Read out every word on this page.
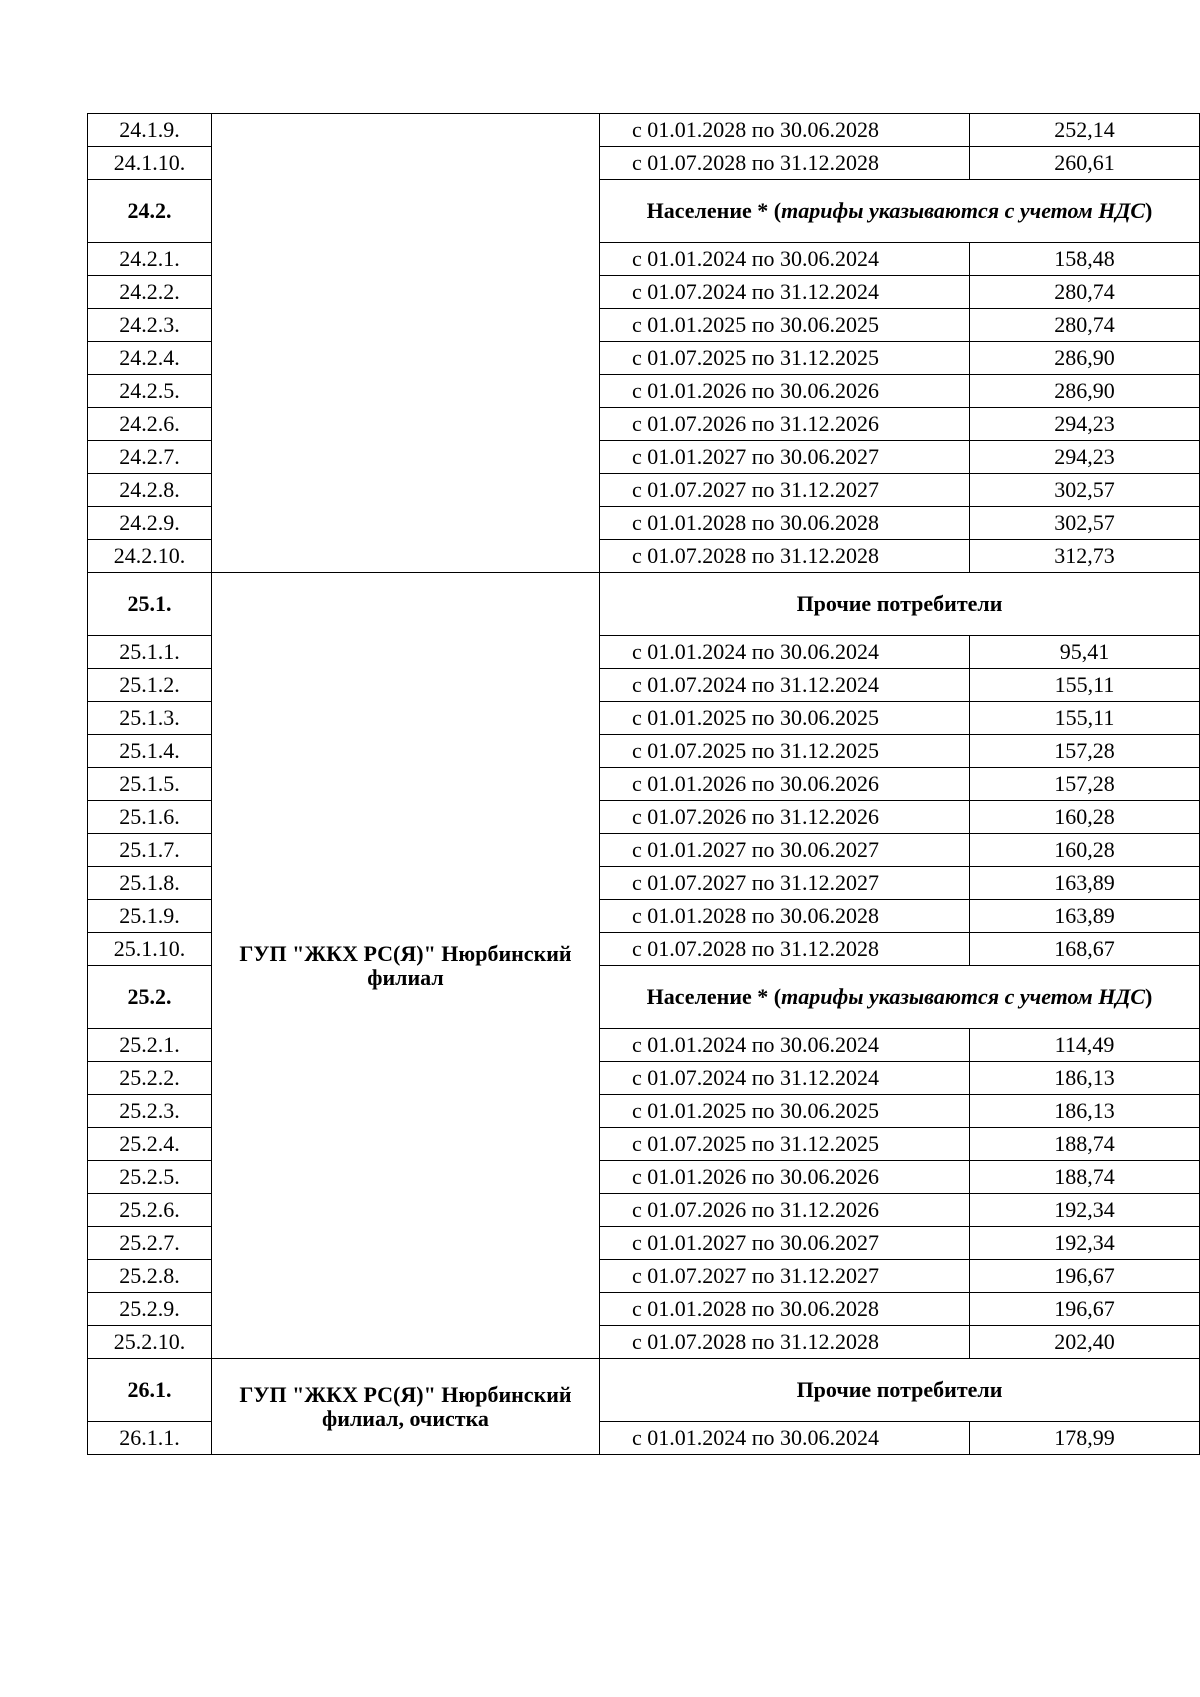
24.1.9.		с 01.01.2028 по 30.06.2028	252,14
24.1.10.		с 01.07.2028 по 31.12.2028	260,61
24.2.		Население * (тарифы указываются с учетом НДС)	
24.2.1.		с 01.01.2024 по 30.06.2024	158,48
24.2.2.		с 01.07.2024 по 31.12.2024	280,74
24.2.3.		с 01.01.2025 по 30.06.2025	280,74
24.2.4.		с 01.07.2025 по 31.12.2025	286,90
24.2.5.		с 01.01.2026 по 30.06.2026	286,90
24.2.6.		с 01.07.2026 по 31.12.2026	294,23
24.2.7.		с 01.01.2027 по 30.06.2027	294,23
24.2.8.		с 01.07.2027 по 31.12.2027	302,57
24.2.9.		с 01.01.2028 по 30.06.2028	302,57
24.2.10.		с 01.07.2028 по 31.12.2028	312,73
25.1.	ГУП "ЖКХ РС(Я)" Нюрбинский филиал	Прочие потребители	
25.1.1.		с 01.01.2024 по 30.06.2024	95,41
25.1.2.		с 01.07.2024 по 31.12.2024	155,11
25.1.3.		с 01.01.2025 по 30.06.2025	155,11
25.1.4.		с 01.07.2025 по 31.12.2025	157,28
25.1.5.		с 01.01.2026 по 30.06.2026	157,28
25.1.6.		с 01.07.2026 по 31.12.2026	160,28
25.1.7.		с 01.01.2027 по 30.06.2027	160,28
25.1.8.		с 01.07.2027 по 31.12.2027	163,89
25.1.9.		с 01.01.2028 по 30.06.2028	163,89
25.1.10.		с 01.07.2028 по 31.12.2028	168,67
25.2.		Население * (тарифы указываются с учетом НДС)	
25.2.1.		с 01.01.2024 по 30.06.2024	114,49
25.2.2.		с 01.07.2024 по 31.12.2024	186,13
25.2.3.		с 01.01.2025 по 30.06.2025	186,13
25.2.4.		с 01.07.2025 по 31.12.2025	188,74
25.2.5.		с 01.01.2026 по 30.06.2026	188,74
25.2.6.		с 01.07.2026 по 31.12.2026	192,34
25.2.7.		с 01.01.2027 по 30.06.2027	192,34
25.2.8.		с 01.07.2027 по 31.12.2027	196,67
25.2.9.		с 01.01.2028 по 30.06.2028	196,67
25.2.10.		с 01.07.2028 по 31.12.2028	202,40
26.1.	ГУП "ЖКХ РС(Я)" Нюрбинский филиал, очистка	Прочие потребители	
26.1.1.		с 01.01.2024 по 30.06.2024	178,99
